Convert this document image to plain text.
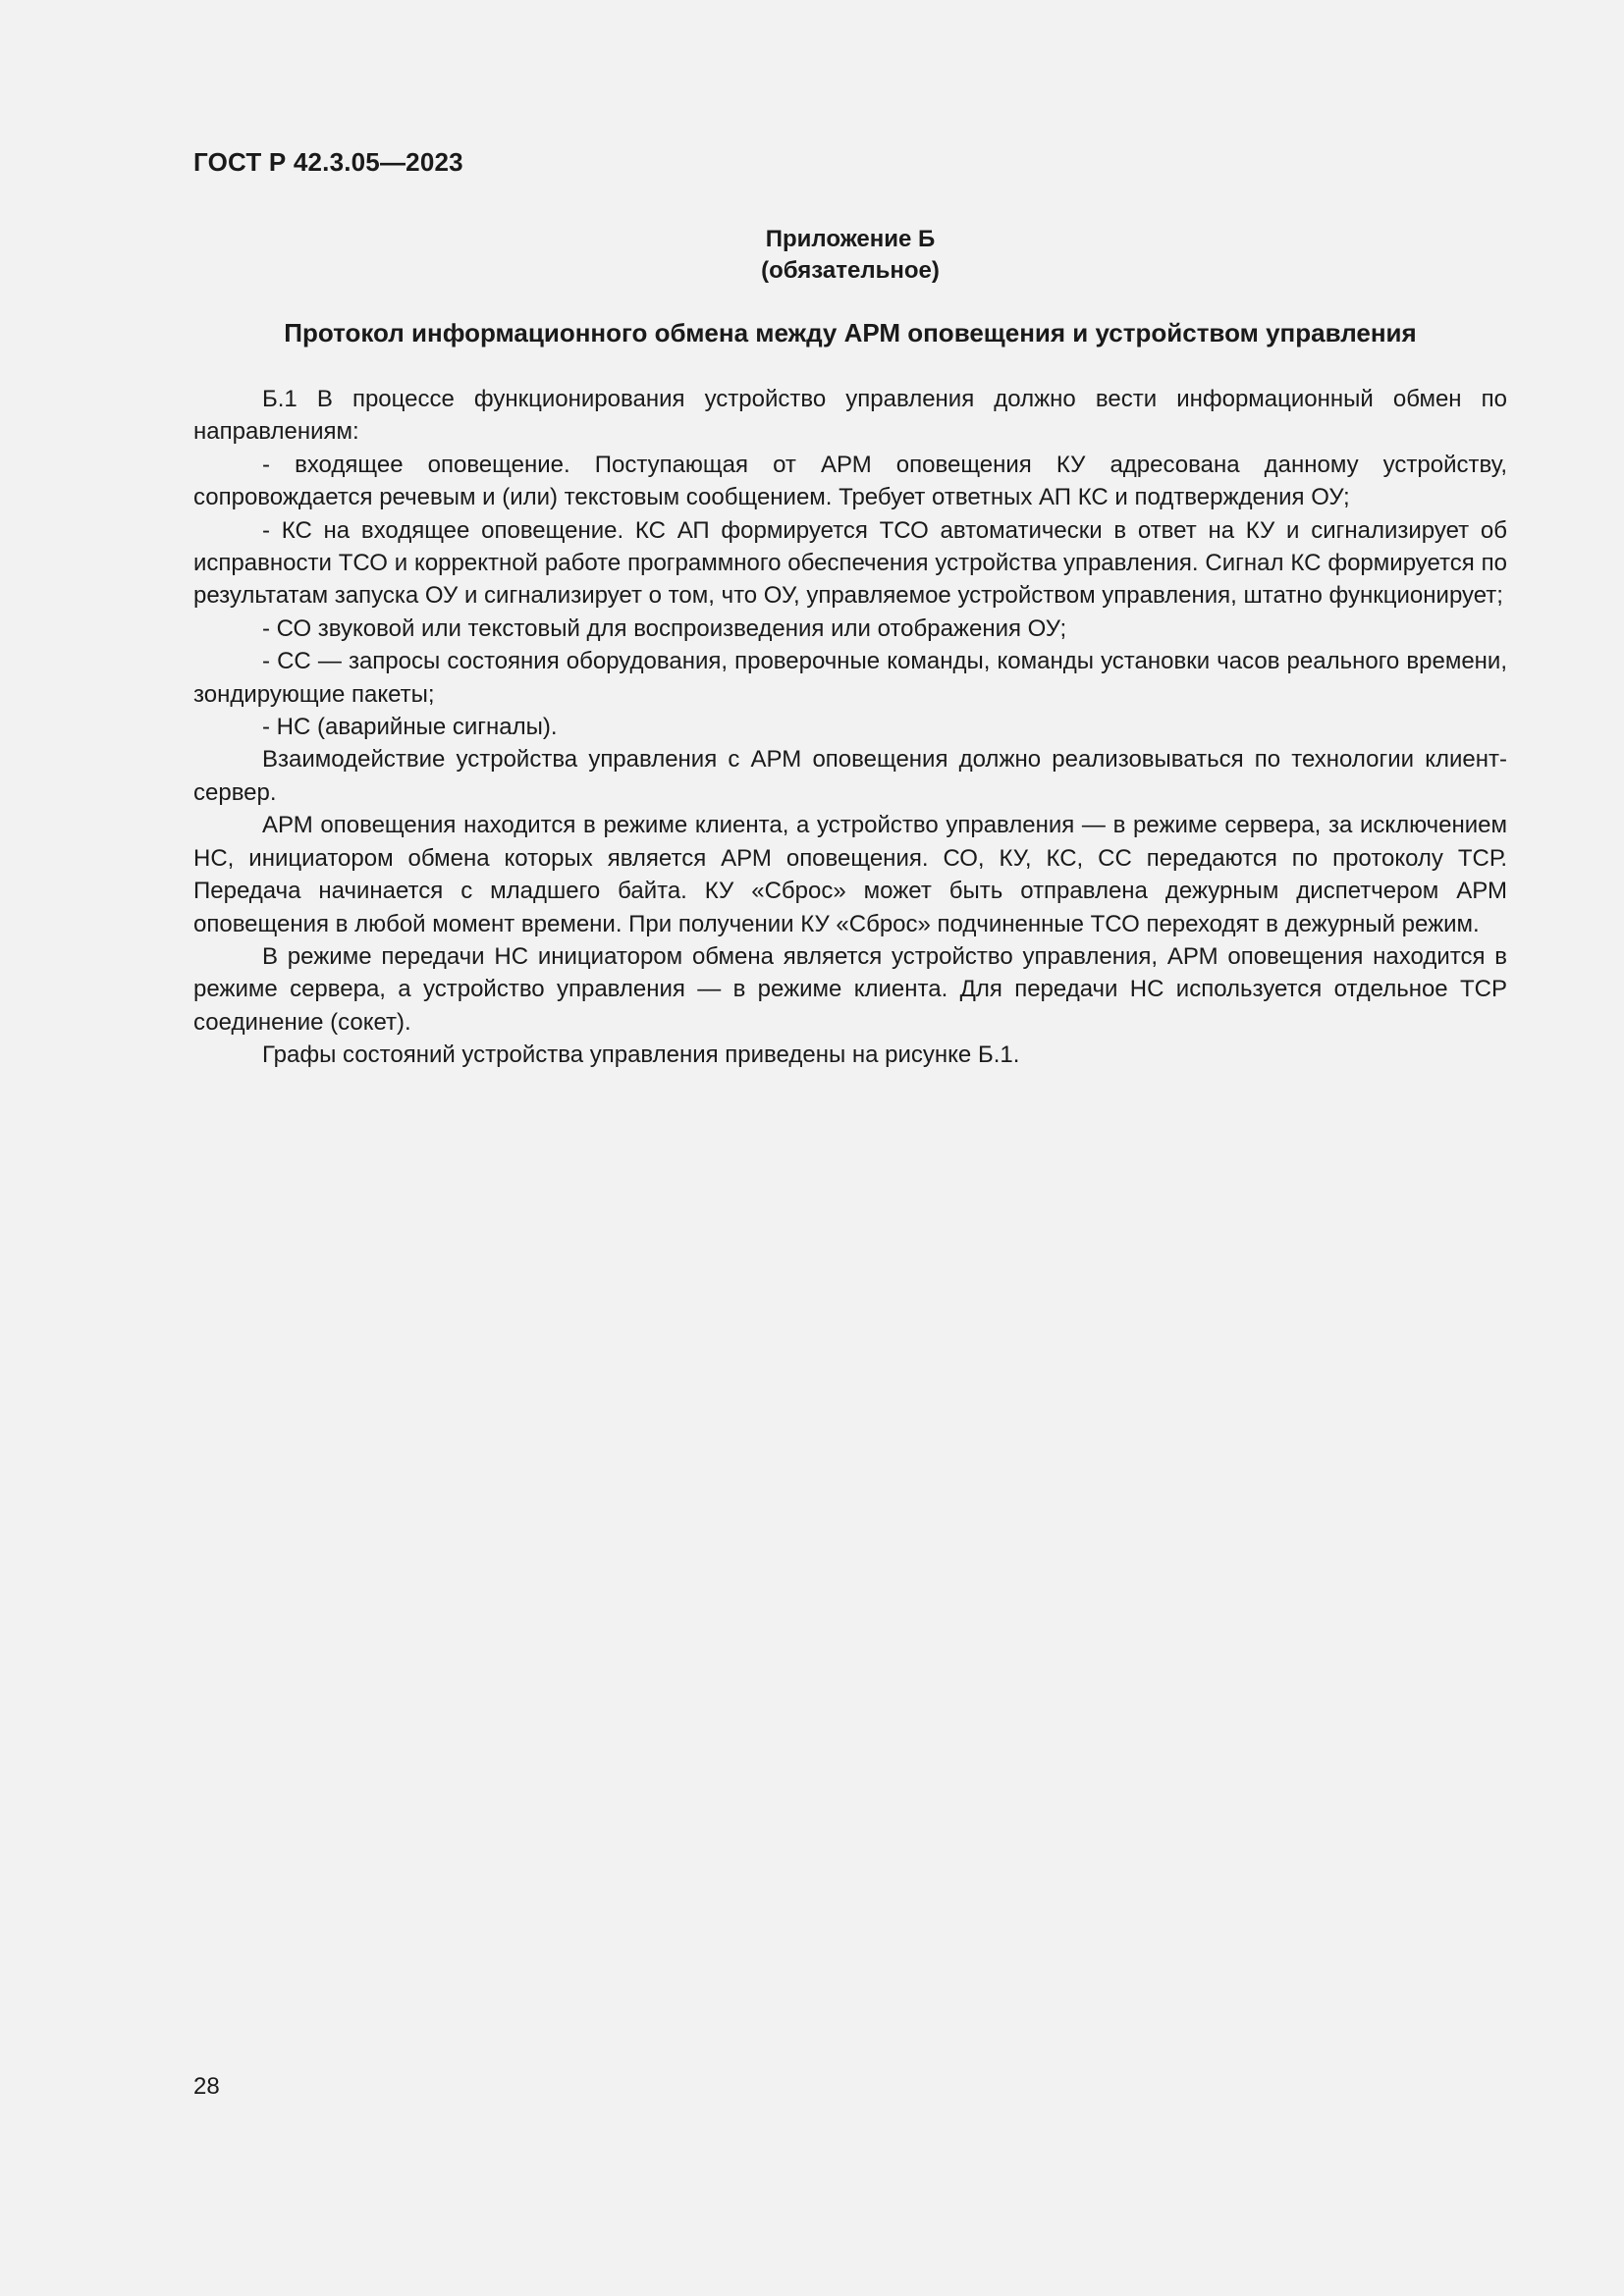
ГОСТ Р 42.3.05—2023

Приложение Б

(обязательное)

Протокол информационного обмена между АРМ оповещения и устройством управления

Б.1 В процессе функционирования устройство управления должно вести информационный обмен по направлениям:

- входящее оповещение. Поступающая от АРМ оповещения КУ адресована данному устройству, сопровождается речевым и (или) текстовым сообщением. Требует ответных АП КС и подтверждения ОУ;

- КС на входящее оповещение. КС АП формируется ТСО автоматически в ответ на КУ и сигнализирует об исправности ТСО и корректной работе программного обеспечения устройства управления. Сигнал КС формируется по результатам запуска ОУ и сигнализирует о том, что ОУ, управляемое устройством управления, штатно функционирует;

- СО звуковой или текстовый для воспроизведения или отображения ОУ;

- СС — запросы состояния оборудования, проверочные команды, команды установки часов реального времени, зондирующие пакеты;

- НС (аварийные сигналы).

Взаимодействие устройства управления с АРМ оповещения должно реализовываться по технологии клиент-сервер.

АРМ оповещения находится в режиме клиента, а устройство управления — в режиме сервера, за исключением НС, инициатором обмена которых является АРМ оповещения. СО, КУ, КС, СС передаются по протоколу ТСР. Передача начинается с младшего байта. КУ «Сброс» может быть отправлена дежурным диспетчером АРМ оповещения в любой момент времени. При получении КУ «Сброс» подчиненные ТСО переходят в дежурный режим.

В режиме передачи НС инициатором обмена является устройство управления, АРМ оповещения находится в режиме сервера, а устройство управления — в режиме клиента. Для передачи НС используется отдельное ТСР соединение (сокет).

Графы состояний устройства управления приведены на рисунке Б.1.

28
